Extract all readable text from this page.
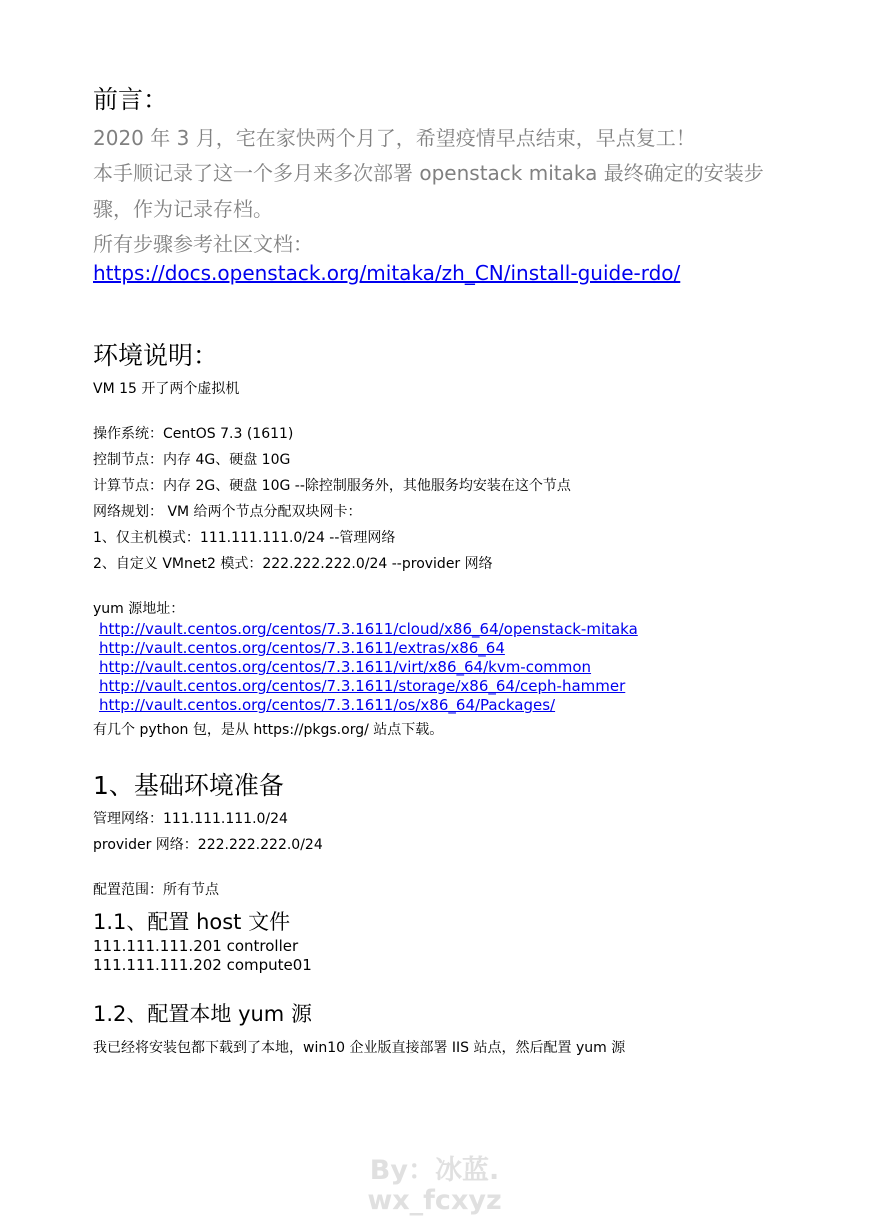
前言：
2020 年 3 月，宅在家快两个月了，希望疫情早点结束，早点复工！
本手顺记录了这一个多月来多次部署 openstack mitaka 最终确定的安装步
骤，作为记录存档。
所有步骤参考社区文档：
https://docs.openstack.org/mitaka/zh_CN/install-guide-rdo/
环境说明：
VM 15 开了两个虚拟机
操作系统：CentOS 7.3 (1611)
控制节点：内存 4G、硬盘 10G
计算节点：内存 2G、硬盘 10G --除控制服务外，其他服务均安装在这个节点
网络规划： VM 给两个节点分配双块网卡：
1、仅主机模式：111.111.111.0/24 --管理网络
2、自定义 VMnet2 模式：222.222.222.0/24 --provider 网络
yum 源地址：
http://vault.centos.org/centos/7.3.1611/cloud/x86_64/openstack-mitaka
http://vault.centos.org/centos/7.3.1611/extras/x86_64
http://vault.centos.org/centos/7.3.1611/virt/x86_64/kvm-common
http://vault.centos.org/centos/7.3.1611/storage/x86_64/ceph-hammer
http://vault.centos.org/centos/7.3.1611/os/x86_64/Packages/
有几个 python 包，是从 https://pkgs.org/ 站点下载。
1、基础环境准备
管理网络：111.111.111.0/24
provider 网络：222.222.222.0/24
配置范围：所有节点
1.1、配置 host 文件
111.111.111.201 controller
111.111.111.202 compute01
1.2、配置本地 yum 源
我已经将安装包都下载到了本地，win10 企业版直接部署 IIS 站点，然后配置 yum 源
By：冰蓝.
wx_fcxyz
